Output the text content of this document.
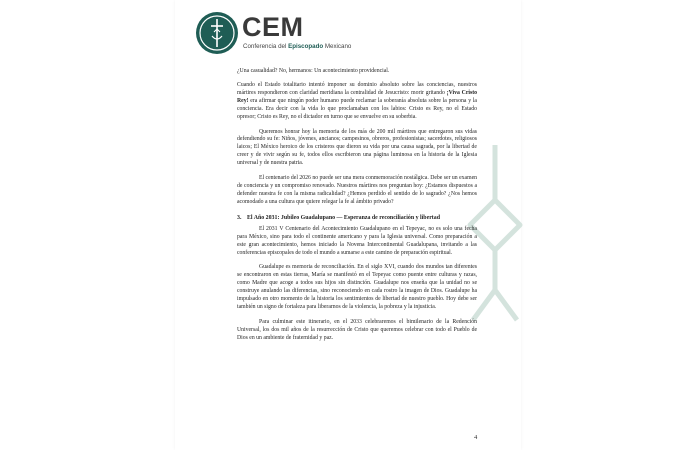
CEM
Conferencia del Episcopado Mexicano

¿Una casualidad? No, hermanos: Un acontecimiento providencial.

Cuando el Estado totalitario intentó imponer su dominio absoluto sobre las conciencias, nuestros mártires respondieron con claridad meridiana la centralidad de Jesucristo: morir gritando ¡Viva Cristo Rey! era afirmar que ningún poder humano puede reclamar la soberanía absoluta sobre la persona y la conciencia. Era decir con la vida lo que proclamaban con los labios: Cristo es Rey, no el Estado opresor; Cristo es Rey, no el dictador en turno que se envuelve en su soberbia.

Queremos honrar hoy la memoria de los más de 200 mil mártires que entregaron sus vidas defendiendo su fe: Niños, jóvenes, ancianos; campesinos, obreros, profesionistas; sacerdotes, religiosos laicos; El México heroico de los cristeros que dieron su vida por una causa sagrada, por la libertad de creer y de vivir según su fe, todos ellos escribieron una página luminosa en la historia de la Iglesia universal y de nuestra patria.

El centenario del 2026 no puede ser una mera conmemoración nostálgica. Debe ser un examen de conciencia y un compromiso renovado. Nuestros mártires nos preguntan hoy: ¿Estamos dispuestos a defender nuestra fe con la misma radicalidad? ¿Hemos perdido el sentido de lo sagrado? ¿Nos hemos acomodado a una cultura que quiere relegar la fe al ámbito privado?

3. El Año 2031: Jubileo Guadalupano — Esperanza de reconciliación y libertad

El 2031 V Centenario del Acontecimiento Guadalupano en el Tepeyac, no es solo una fecha para México, sino para todo el continente americano y para la Iglesia universal. Como preparación a este gran acontecimiento, hemos iniciado la Novena Intercontinental Guadalupana, invitando a las conferencias episcopales de todo el mundo a sumarse a este camino de preparación espiritual.

Guadalupe es memoria de reconciliación. En el siglo XVI, cuando dos mundos tan diferentes se encontraron en estas tierras, María se manifestó en el Tepeyac como puente entre culturas y razas, como Madre que acoge a todos sus hijos sin distinción. Guadalupe nos enseña que la unidad no se construye anulando las diferencias, sino reconociendo en cada rostro la imagen de Dios. Guadalupe ha impulsado en otro momento de la historia los sentimientos de libertad de nuestro pueblo. Hoy debe ser también un signo de fortaleza para liberarnos de la violencia, la pobreza y la injusticia.

Para culminar este itinerario, en el 2033 celebraremos el bimilenario de la Redención Universal, los dos mil años de la resurrección de Cristo que queremos celebrar con todo el Pueblo de Dios en un ambiente de fraternidad y paz.

4
